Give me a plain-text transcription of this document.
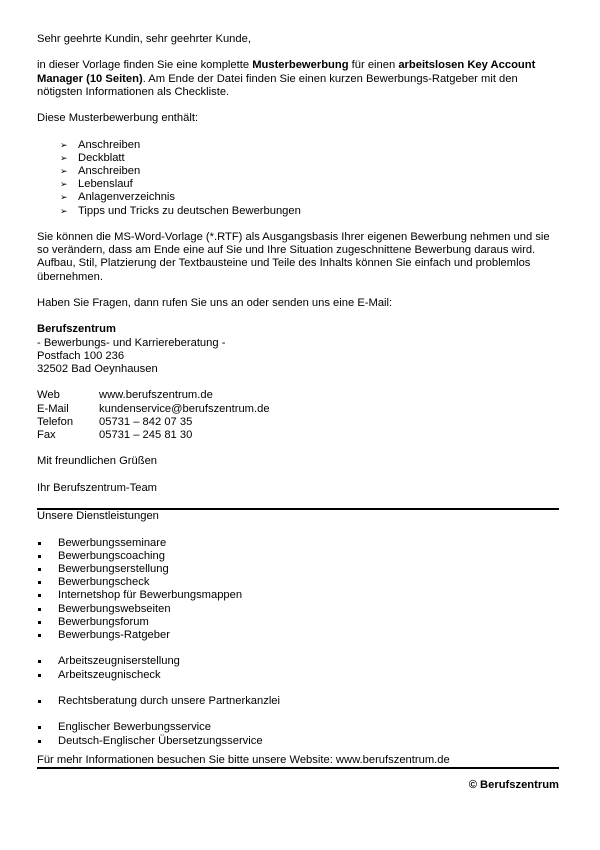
Sehr geehrte Kundin, sehr geehrter Kunde,

in dieser Vorlage finden Sie eine komplette Musterbewerbung für einen arbeitslosen Key Account Manager (10 Seiten). Am Ende der Datei finden Sie einen kurzen Bewerbungs-Ratgeber mit den nötigsten Informationen als Checkliste.

Diese Musterbewerbung enthält:

➢ Anschreiben
➢ Deckblatt
➢ Anschreiben
➢ Lebenslauf
➢ Anlagenverzeichnis
➢ Tipps und Tricks zu deutschen Bewerbungen

Sie können die MS-Word-Vorlage (*.RTF) als Ausgangsbasis Ihrer eigenen Bewerbung nehmen und sie so verändern, dass am Ende eine auf Sie und Ihre Situation zugeschnittene Bewerbung daraus wird. Aufbau, Stil, Platzierung der Textbausteine und Teile des Inhalts können Sie einfach und problemlos übernehmen.

Haben Sie Fragen, dann rufen Sie uns an oder senden uns eine E-Mail:

Berufszentrum

- Bewerbungs- und Karriereberatung -

Postfach 100 236

32502 Bad Oeynhausen

Web	www.berufszentrum.de
E-Mail	kundenservice@berufszentrum.de
Telefon	05731 – 842 07 35
Fax	05731 – 245 81 30

Mit freundlichen Grüßen

Ihr Berufszentrum-Team

Unsere Dienstleistungen

Bewerbungsseminare
Bewerbungscoaching
Bewerbungserstellung
Bewerbungscheck
Internetshop für Bewerbungsmappen
Bewerbungswebseiten
Bewerbungsforum
Bewerbungs-Ratgeber
Arbeitszeugniserstellung
Arbeitszeugnischeck
Rechtsberatung durch unsere Partnerkanzlei
Englischer Bewerbungsservice
Deutsch-Englischer Übersetzungsservice

Für mehr Informationen besuchen Sie bitte unsere Website: www.berufszentrum.de

© Berufszentrum
